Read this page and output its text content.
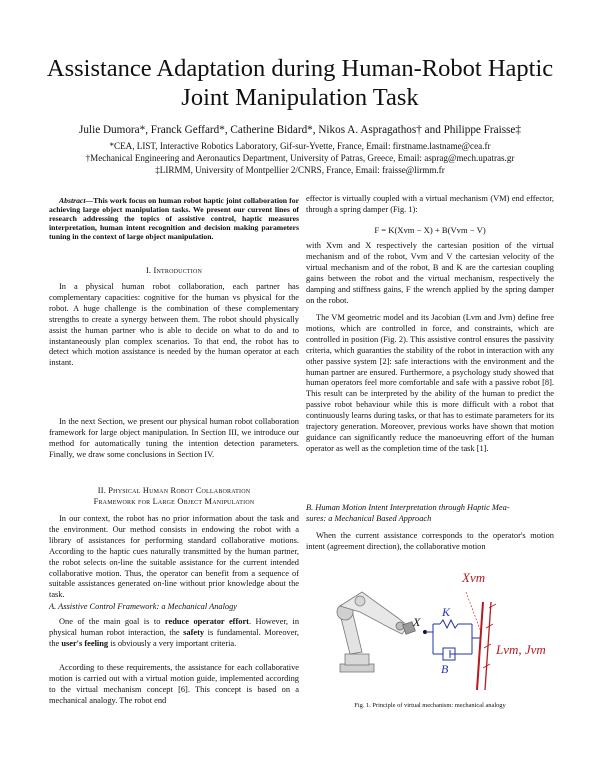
Assistance Adaptation during Human-Robot Haptic
Joint Manipulation Task
Julie Dumora*, Franck Geffard*, Catherine Bidard*, Nikos A. Aspragathos† and Philippe Fraisse‡
*CEA, LIST, Interactive Robotics Laboratory, Gif-sur-Yvette, France, Email: firstname.lastname@cea.fr
†Mechanical Engineering and Aeronautics Department, University of Patras, Greece, Email: asprag@mech.upatras.gr
‡LIRMM, University of Montpellier 2/CNRS, France, Email: fraisse@lirmm.fr
Abstract—This work focus on human robot haptic joint collaboration for achieving large object manipulation tasks. We present our current lines of research addressing the topics of assistive control, haptic measures interpretation, human intent recognition and decision making parameters tuning in the context of large object manipulation.
I. Introduction
In a physical human robot collaboration, each partner has complementary capacities: cognitive for the human vs physical for the robot. A huge challenge is the combination of these complementary strengths to create a synergy between them. The robot should physically assist the human partner who is able to decide on what to do and to instantaneously plan complex scenarios. To that end, the robot has to detect which motion assistance is needed by the human operator at each instant.
In the next Section, we present our physical human robot collaboration framework for large object manipulation. In Section III, we introduce our method for automatically tuning the intention detection parameters. Finally, we draw some conclusions in Section IV.
II. Physical Human Robot Collaboration
Framework for Large Object Manipulation
In our context, the robot has no prior information about the task and the environment. Our method consists in endowing the robot with a library of assistances for performing standard collaborative motions. According to the haptic cues naturally transmitted by the human partner, the robot selects on-line the suitable assistance for the current intended collaborative motion. Thus, the operator can benefit from a sequence of suitable assistances generated on-line without prior knowledge about the task.
A. Assistive Control Framework: a Mechanical Analogy
One of the main goal is to reduce operator effort. However, in physical human robot interaction, the safety is fundamental. Moreover, the user's feeling is obviously a very important criteria.
According to these requirements, the assistance for each collaborative motion is carried out with a virtual motion guide, implemented according to the virtual mechanism concept [6]. This concept is based on a mechanical analogy. The robot end
effector is virtually coupled with a virtual mechanism (VM) end effector, through a spring damper (Fig. 1):
F = K(Xvm − X) + B(Vvm − V)
with Xvm and X respectively the cartesian position of the virtual mechanism and of the robot, Vvm and V the cartesian velocity of the virtual mechanism and of the robot, B and K are the cartesian coupling gains between the robot and the virtual mechanism, respectively the damping and stiffness gains, F the wrench applied by the spring damper on the robot.
The VM geometric model and its Jacobian (Lvm and Jvm) define free motions, which are controlled in force, and constraints, which are controlled in position (Fig. 2). This assistive control ensures the passivity criteria, which guaranties the stability of the robot in interaction with any other passive system [2]: safe interactions with the environment and the human partner are ensured. Furthermore, a psychology study showed that human operators feel more comfortable and safe with a passive robot [8]. This result can be interpreted by the ability of the human to predict the passive robot behaviour while this is more difficult with a robot that continuously learns during tasks, or that has to estimate parameters for its trajectory generation. Moreover, previous works have shown that motion guidance can significantly reduce the manoeuvring effort of the human operator as well as the completion time of the task [1].
B. Human Motion Intent Interpretation through Haptic Mea-
sures: a Mechanical Based Approach
When the current assistance corresponds to the operator's motion intent (agreement direction), the collaborative motion
Xvm
X
K
B
Lvm, Jvm
Fig. 1. Principle of virtual mechanism: mechanical analogy
